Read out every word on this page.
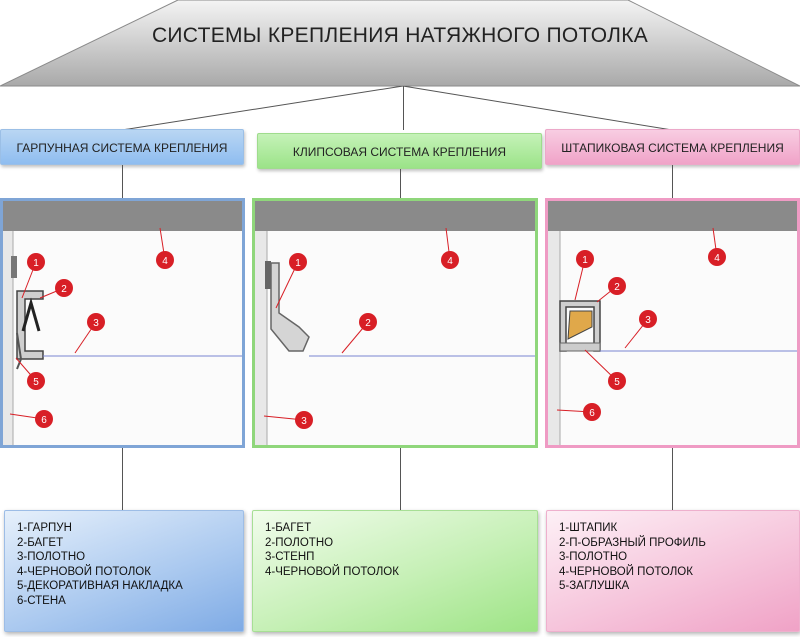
СИСТЕМЫ КРЕПЛЕНИЯ НАТЯЖНОГО ПОТОЛКА
ГАРПУННАЯ СИСТЕМА КРЕПЛЕНИЯ
1
2
3
4
5
6
1-ГАРПУН
2-БАГЕТ
3-ПОЛОТНО
4-ЧЕРНОВОЙ ПОТОЛОК
5-ДЕКОРАТИВНАЯ НАКЛАДКА
6-СТЕНА
КЛИПСОВАЯ СИСТЕМА КРЕПЛЕНИЯ
1
2
3
4
1-БАГЕТ
2-ПОЛОТНО
3-СТЕНП
4-ЧЕРНОВОЙ ПОТОЛОК
ШТАПИКОВАЯ СИСТЕМА КРЕПЛЕНИЯ
1
2
3
4
5
6
1-ШТАПИК
2-П-ОБРАЗНЫЙ ПРОФИЛЬ
3-ПОЛОТНО
4-ЧЕРНОВОЙ ПОТОЛОК
5-ЗАГЛУШКА
